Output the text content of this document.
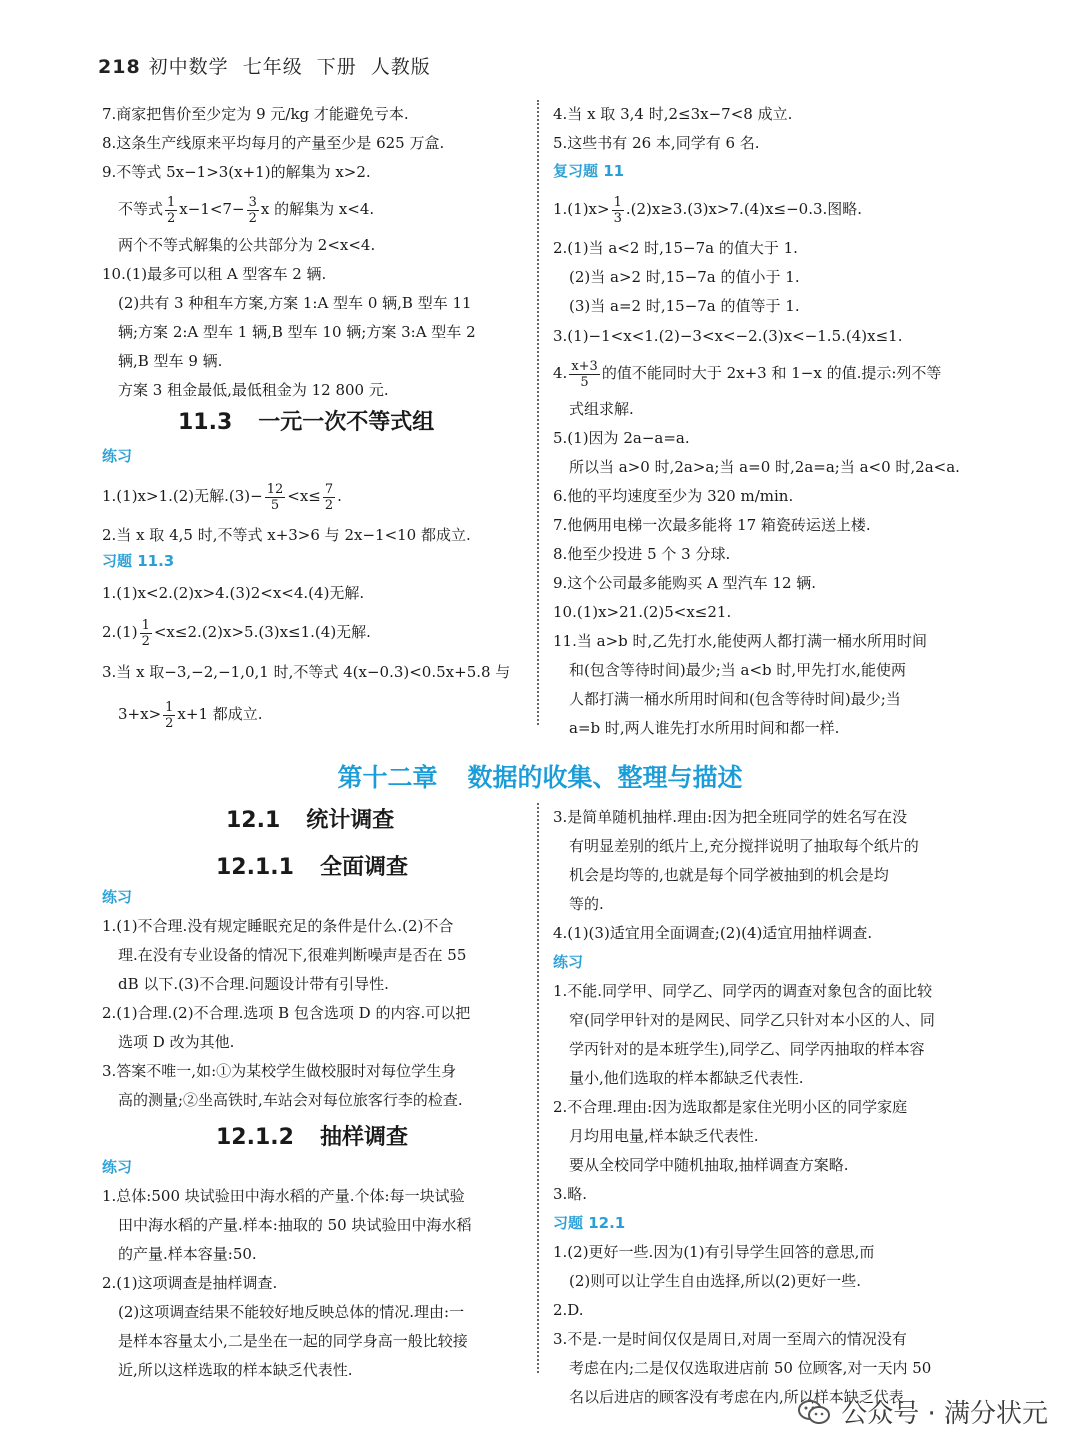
218 初中数学 七年级 下册 人教版
7.商家把售价至少定为 9 元/kg 才能避免亏本.
8.这条生产线原来平均每月的产量至少是 625 万盒.
9.不等式 5x−1>3(x+1)的解集为 x>2.
不等式 $\frac{1}{2} x-1<7- \frac{3}{2}$ x 的解集为 x<4.
两个不等式解集的公共部分为 2<x<4.
10.(1)最多可以租 A 型客车 2 辆.
(2)共有 3 种租车方案,方案 1:A 型车 0 辆,B 型车 11
辆;方案 2:A 型车 1 辆,B 型车 10 辆;方案 3:A 型车 2
辆,B 型车 9 辆.
方案 3 租金最低,最低租金为 12 800 元.
11.3 一元一次不等式组
练习
1.(1)x>1.(2)无解$.(3)- \frac{12}{5} <x\le \frac{7}{2}$ .
2.当 x 取 4,5 时,不等式 x+3>6 与 2x−1<10 都成立.
习题 11.3
1.(1)x<2.(2)x>4.(3)2<x<4.(4)无解.
$2.(1) \frac{1}{2} <x\le 2.(2)x>5.(3)x\le 1.(4)$无解.
3.当 x 取−3,−2,−1,0,1 时,不等式 4(x−0.3)<0.5x+5.8 与
$3+x> \frac{1}{2} x+1$ 都成立.
4.当 x 取 3,4 时,2≤3x−7<8 成立.
5.这些书有 26 本,同学有 6 名.
复习题 11
$1.(1)x> \frac{1}{3} .(2)x\ge 3.(3)x>7.(4)x\le-0.3$.图略.
2.(1)当 a<2 时,15−7a 的值大于 1.
(2)当 a>2 时,15−7a 的值小于 1.
(3)当 a=2 时,15−7a 的值等于 1.
3.(1)−1<x<1.(2)−3<x<−2.(3)x<−1.5.(4)x≤1.
4. $\frac{x+3}{5}$ 的值不能同时大于 2x+3 和 1−x 的值.提示:列不等
式组求解.
5.(1)因为 2a−a=a.
所以当 a>0 时,2a>a;当 a=0 时,2a=a;当 a<0 时,2a<a.
6.他的平均速度至少为 320 m/min.
7.他俩用电梯一次最多能将 17 箱瓷砖运送上楼.
8.他至少投进 5 个 3 分球.
9.这个公司最多能购买 A 型汽车 12 辆.
10.(1)x>21.(2)5<x≤21.
11.当 a>b 时,乙先打水,能使两人都打满一桶水所用时间
和(包含等待时间)最少;当 a<b 时,甲先打水,能使两
人都打满一桶水所用时间和(包含等待时间)最少;当
a=b 时,两人谁先打水所用时间和都一样.
第十二章 数据的收集、整理与描述
12.1 统计调查
12.1.1 全面调查
练习
1.(1)不合理.没有规定睡眠充足的条件是什么.(2)不合
理.在没有专业设备的情况下,很难判断噪声是否在 55
dB 以下.(3)不合理.问题设计带有引导性.
2.(1)合理.(2)不合理.选项 B 包含选项 D 的内容.可以把
选项 D 改为其他.
3.答案不唯一,如:①为某校学生做校服时对每位学生身
高的测量;②坐高铁时,车站会对每位旅客行李的检查.
12.1.2 抽样调查
练习
1.总体:500 块试验田中海水稻的产量.个体:每一块试验
田中海水稻的产量.样本:抽取的 50 块试验田中海水稻
的产量.样本容量:50.
2.(1)这项调查是抽样调查.
(2)这项调查结果不能较好地反映总体的情况.理由:一
是样本容量太小,二是坐在一起的同学身高一般比较接
近,所以这样选取的样本缺乏代表性.
3.是简单随机抽样.理由:因为把全班同学的姓名写在没
有明显差别的纸片上,充分搅拌说明了抽取每个纸片的
机会是均等的,也就是每个同学被抽到的机会是均
等的.
4.(1)(3)适宜用全面调查;(2)(4)适宜用抽样调查.
练习
1.不能.同学甲、同学乙、同学丙的调查对象包含的面比较
窄(同学甲针对的是网民、同学乙只针对本小区的人、同
学丙针对的是本班学生),同学乙、同学丙抽取的样本容
量小,他们选取的样本都缺乏代表性.
2.不合理.理由:因为选取都是家住光明小区的同学家庭
月均用电量,样本缺乏代表性.
要从全校同学中随机抽取,抽样调查方案略.
3.略.
习题 12.1
1.(2)更好一些.因为(1)有引导学生回答的意思,而
(2)则可以让学生自由选择,所以(2)更好一些.
2.D.
3.不是.一是时间仅仅是周日,对周一至周六的情况没有
考虑在内;二是仅仅选取进店前 50 位顾客,对一天内 50
名以后进店的顾客没有考虑在内,所以样本缺乏代表
公众号 · 满分状元
